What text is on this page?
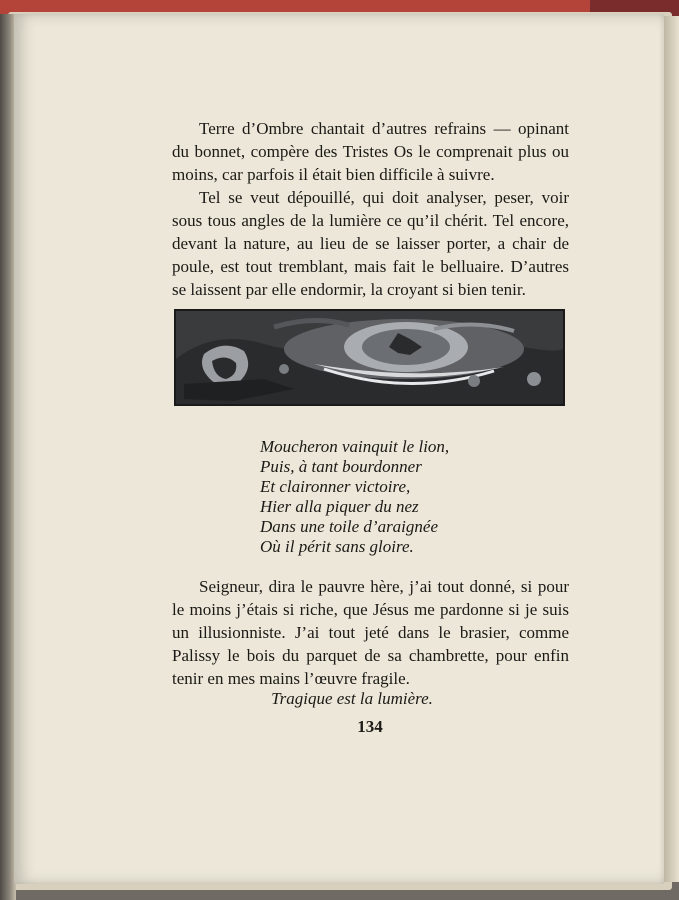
Terre d’Ombre chantait d’autres refrains — opinant du bonnet, compère des Tristes Os le comprenait plus ou moins, car parfois il était bien difficile à suivre.

Tel se veut dépouillé, qui doit analyser, peser, voir sous tous angles de la lumière ce qu’il chérit. Tel encore, devant la nature, au lieu de se laisser porter, a chair de poule, est tout tremblant, mais fait le belluaire. D’autres se laissent par elle endormir, la croyant si bien tenir.

Moucheron vainquit le lion,
Puis, à tant bourdonner
Et claironner victoire,
Hier alla piquer du nez
Dans une toile d’araignée
Où il périt sans gloire.

Seigneur, dira le pauvre hère, j’ai tout donné, si pour le moins j’étais si riche, que Jésus me pardonne si je suis un illusionniste. J’ai tout jeté dans le brasier, comme Palissy le bois du parquet de sa chambrette, pour enfin tenir en mes mains l’œuvre fragile.

Tragique est la lumière.
134
